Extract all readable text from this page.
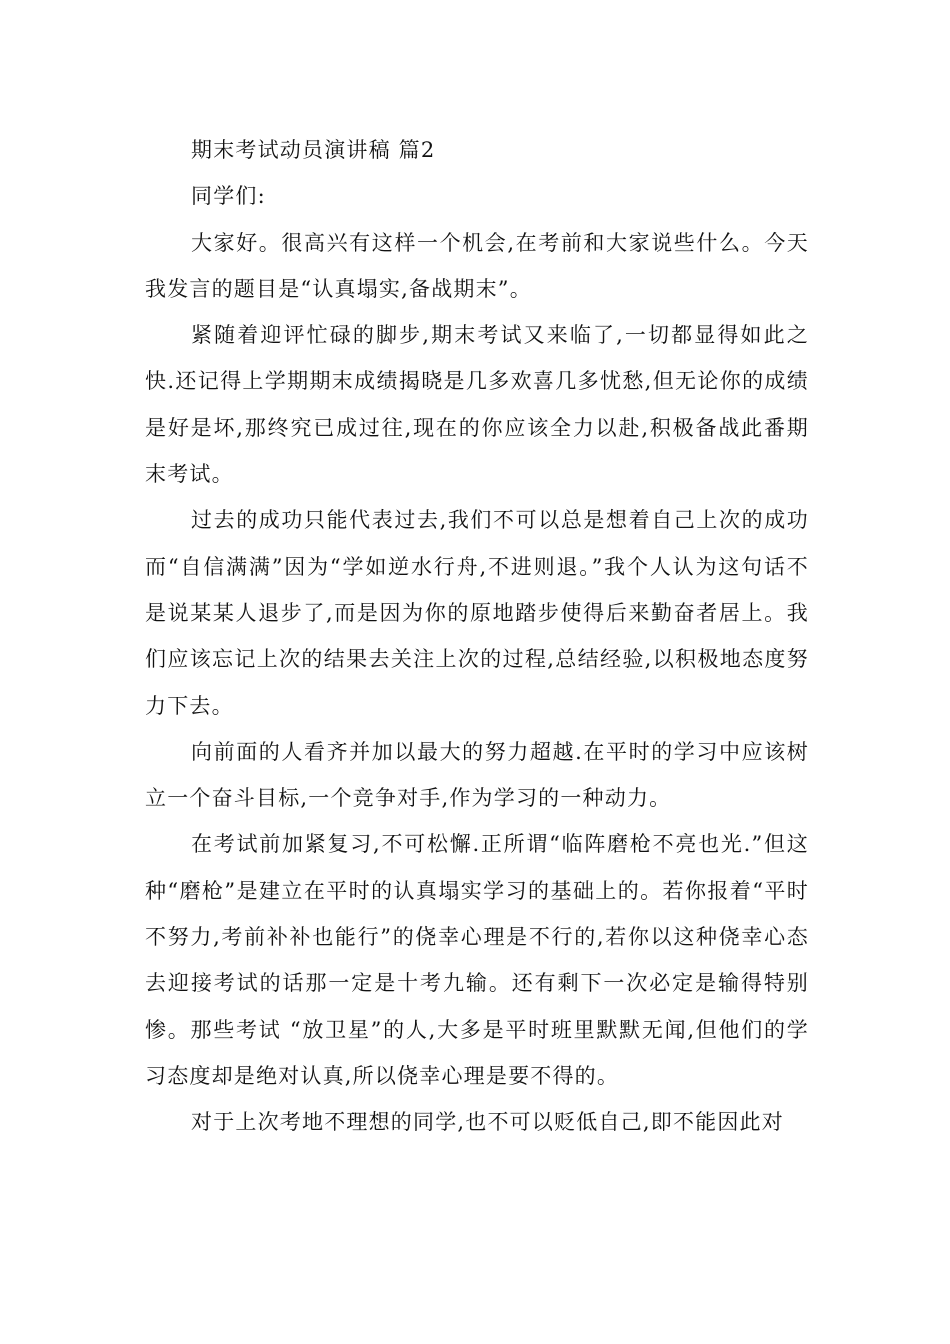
期末考试动员演讲稿 篇2

同学们:

大家好。很高兴有这样一个机会,在考前和大家说些什么。今天我发言的题目是“认真塌实,备战期末”。

紧随着迎评忙碌的脚步,期末考试又来临了,一切都显得如此之快.还记得上学期期末成绩揭晓是几多欢喜几多忧愁,但无论你的成绩是好是坏,那终究已成过往,现在的你应该全力以赴,积极备战此番期末考试。

过去的成功只能代表过去,我们不可以总是想着自己上次的成功而“自信满满”因为“学如逆水行舟,不进则退。”我个人认为这句话不是说某某人退步了,而是因为你的原地踏步使得后来勤奋者居上。我们应该忘记上次的结果去关注上次的过程,总结经验,以积极地态度努力下去。

向前面的人看齐并加以最大的努力超越.在平时的学习中应该树立一个奋斗目标,一个竞争对手,作为学习的一种动力。

在考试前加紧复习,不可松懈.正所谓“临阵磨枪不亮也光.”但这种“磨枪”是建立在平时的认真塌实学习的基础上的。若你报着“平时不努力,考前补补也能行”的侥幸心理是不行的,若你以这种侥幸心态去迎接考试的话那一定是十考九输。还有剩下一次必定是输得特别惨。那些考试 “放卫星”的人,大多是平时班里默默无闻,但他们的学习态度却是绝对认真,所以侥幸心理是要不得的。

对于上次考地不理想的同学,也不可以贬低自己,即不能因此对
